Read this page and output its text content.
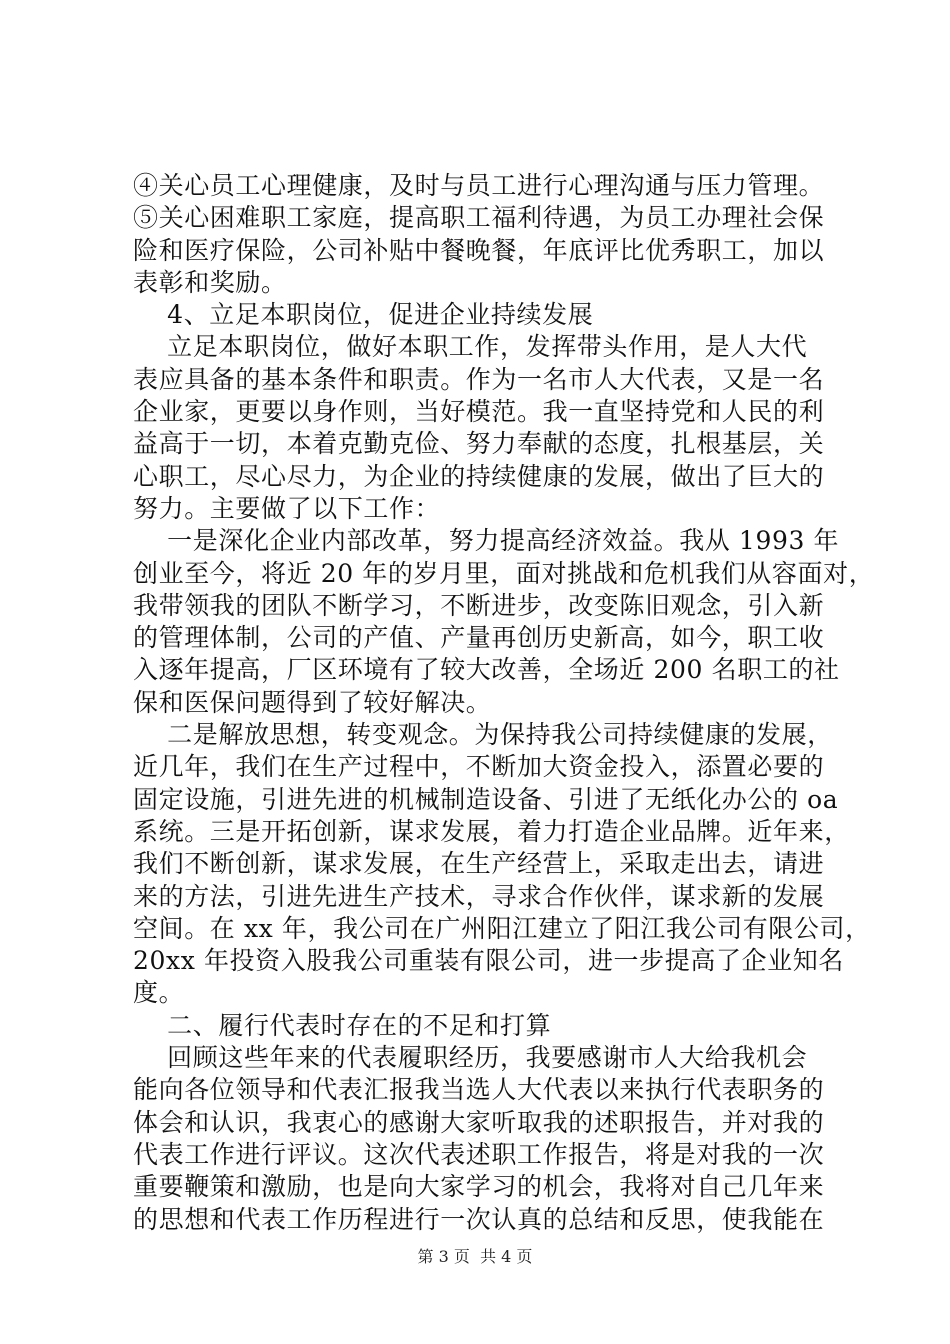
④关心员工心理健康，及时与员工进行心理沟通与压力管理。
⑤关心困难职工家庭，提高职工福利待遇，为员工办理社会保
险和医疗保险，公司补贴中餐晚餐，年底评比优秀职工，加以
表彰和奖励。
4、立足本职岗位，促进企业持续发展
立足本职岗位，做好本职工作，发挥带头作用，是人大代
表应具备的基本条件和职责。作为一名市人大代表，又是一名
企业家，更要以身作则，当好模范。我一直坚持党和人民的利
益高于一切，本着克勤克俭、努力奉献的态度，扎根基层，关
心职工，尽心尽力，为企业的持续健康的发展，做出了巨大的
努力。主要做了以下工作：
一是深化企业内部改革，努力提高经济效益。我从 1993 年
创业至今，将近 20 年的岁月里，面对挑战和危机我们从容面对，
我带领我的团队不断学习，不断进步，改变陈旧观念，引入新
的管理体制，公司的产值、产量再创历史新高，如今，职工收
入逐年提高，厂区环境有了较大改善，全场近 200 名职工的社
保和医保问题得到了较好解决。
二是解放思想，转变观念。为保持我公司持续健康的发展，
近几年，我们在生产过程中，不断加大资金投入，添置必要的
固定设施，引进先进的机械制造设备、引进了无纸化办公的 oa
系统。三是开拓创新，谋求发展，着力打造企业品牌。近年来，
我们不断创新，谋求发展，在生产经营上，采取走出去，请进
来的方法，引进先进生产技术，寻求合作伙伴，谋求新的发展
空间。在 xx 年，我公司在广州阳江建立了阳江我公司有限公司，
20xx 年投资入股我公司重装有限公司，进一步提高了企业知名
度。
二、履行代表时存在的不足和打算
回顾这些年来的代表履职经历，我要感谢市人大给我机会
能向各位领导和代表汇报我当选人大代表以来执行代表职务的
体会和认识，我衷心的感谢大家听取我的述职报告，并对我的
代表工作进行评议。这次代表述职工作报告，将是对我的一次
重要鞭策和激励，也是向大家学习的机会，我将对自己几年来
的思想和代表工作历程进行一次认真的总结和反思，使我能在
第 3 页  共 4 页
